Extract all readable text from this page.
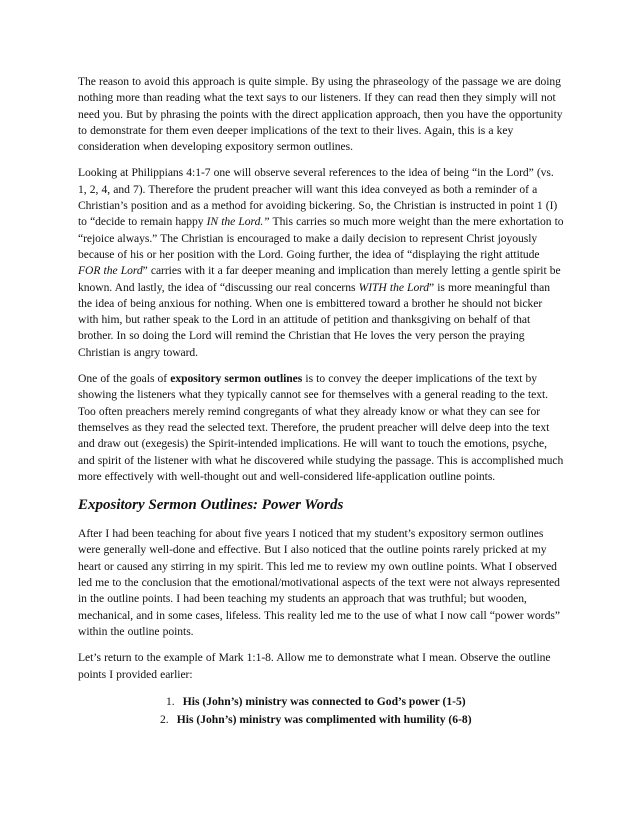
The reason to avoid this approach is quite simple. By using the phraseology of the passage we are doing nothing more than reading what the text says to our listeners. If they can read then they simply will not need you. But by phrasing the points with the direct application approach, then you have the opportunity to demonstrate for them even deeper implications of the text to their lives. Again, this is a key consideration when developing expository sermon outlines.

Looking at Philippians 4:1-7 one will observe several references to the idea of being “in the Lord” (vs. 1, 2, 4, and 7). Therefore the prudent preacher will want this idea conveyed as both a reminder of a Christian’s position and as a method for avoiding bickering. So, the Christian is instructed in point 1 (I) to “decide to remain happy IN the Lord.” This carries so much more weight than the mere exhortation to “rejoice always.” The Christian is encouraged to make a daily decision to represent Christ joyously because of his or her position with the Lord. Going further, the idea of “displaying the right attitude FOR the Lord” carries with it a far deeper meaning and implication than merely letting a gentle spirit be known. And lastly, the idea of “discussing our real concerns WITH the Lord” is more meaningful than the idea of being anxious for nothing. When one is embittered toward a brother he should not bicker with him, but rather speak to the Lord in an attitude of petition and thanksgiving on behalf of that brother. In so doing the Lord will remind the Christian that He loves the very person the praying Christian is angry toward.

One of the goals of expository sermon outlines is to convey the deeper implications of the text by showing the listeners what they typically cannot see for themselves with a general reading to the text. Too often preachers merely remind congregants of what they already know or what they can see for themselves as they read the selected text. Therefore, the prudent preacher will delve deep into the text and draw out (exegesis) the Spirit-intended implications. He will want to touch the emotions, psyche, and spirit of the listener with what he discovered while studying the passage. This is accomplished much more effectively with well-thought out and well-considered life-application outline points.

Expository Sermon Outlines: Power Words

After I had been teaching for about five years I noticed that my student’s expository sermon outlines were generally well-done and effective. But I also noticed that the outline points rarely pricked at my heart or caused any stirring in my spirit. This led me to review my own outline points. What I observed led me to the conclusion that the emotional/motivational aspects of the text were not always represented in the outline points. I had been teaching my students an approach that was truthful; but wooden, mechanical, and in some cases, lifeless. This reality led me to the use of what I now call “power words” within the outline points.

Let’s return to the example of Mark 1:1-8. Allow me to demonstrate what I mean. Observe the outline points I provided earlier:

1. His (John’s) ministry was connected to God’s power (1-5)
2. His (John’s) ministry was complimented with humility (6-8)
